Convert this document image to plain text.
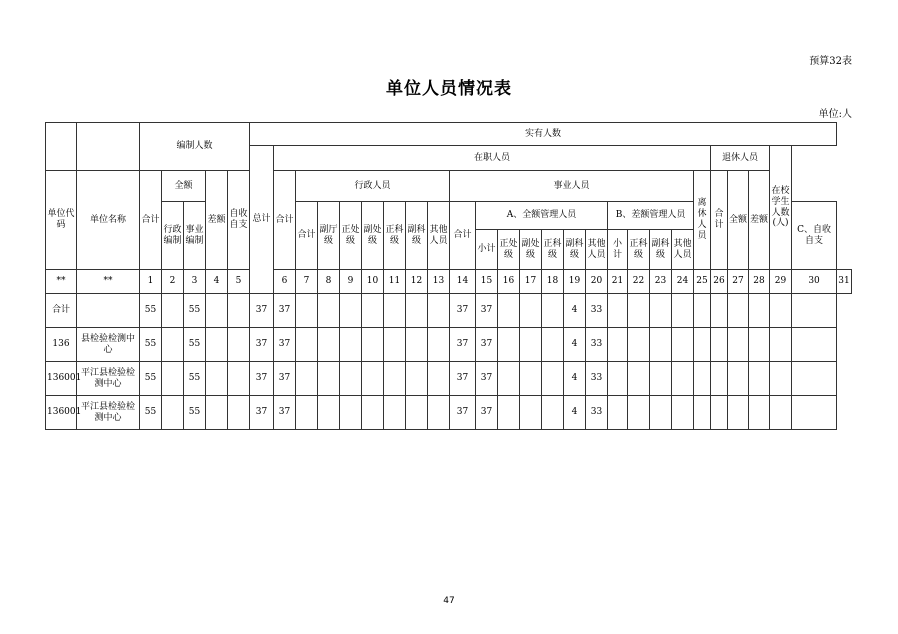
预算32表
单位人员情况表
单位:人
		编制人数					实有人数																										
							总计	在职人员																				退休人员			在校学生人数(人)		
单位代码	单位名称	合计	全额		差额	自收自支		合计	行政人员							事业人员											离休人员	合计	全额	差额			
			行政编制	事业编制					合计	副厅级	正处级	副处级	正科级	副科级	其他人员	合计	A、全额管理人员						B、差额管理人员									C、自收自支	
																	小计	正处级	副处级	正科级	副科级	其他人员	小计	正科级	副科级	其他人员							
**	**	1	2	3	4	5		6	7	8	9	10	11	12	13	14	15	16	17	18	19	20	21	22	23	24	25	26	27	28	29	30	31
合计		55		55			37	37								37	37				4	33											
136	县检验检测中心	55		55			37	37								37	37				4	33											
136001	平江县检验检测中心	55		55			37	37								37	37				4	33											
136001	平江县检验检测中心	55		55			37	37								37	37				4	33											
47
